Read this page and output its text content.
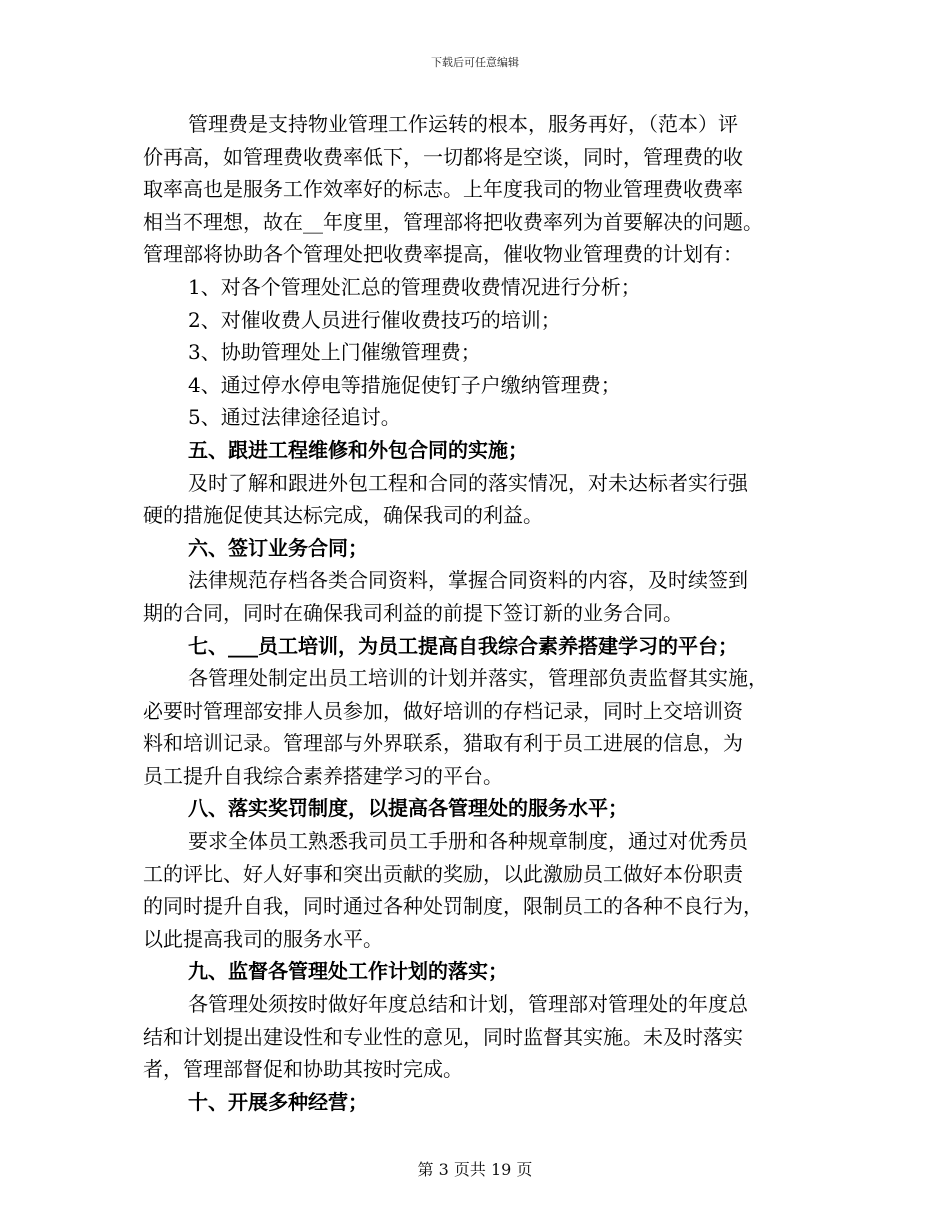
下载后可任意编辑
管理费是支持物业管理工作运转的根本，服务再好，（范本）评
价再高，如管理费收费率低下，一切都将是空谈，同时，管理费的收
取率高也是服务工作效率好的标志。上年度我司的物业管理费收费率
相当不理想，故在__年度里，管理部将把收费率列为首要解决的问题。
管理部将协助各个管理处把收费率提高，催收物业管理费的计划有：
1、对各个管理处汇总的管理费收费情况进行分析；
2、对催收费人员进行催收费技巧的培训；
3、协助管理处上门催缴管理费；
4、通过停水停电等措施促使钉子户缴纳管理费；
5、通过法律途径追讨。
五、跟进工程维修和外包合同的实施；
及时了解和跟进外包工程和合同的落实情况，对未达标者实行强
硬的措施促使其达标完成，确保我司的利益。
六、签订业务合同；
法律规范存档各类合同资料，掌握合同资料的内容，及时续签到
期的合同，同时在确保我司利益的前提下签订新的业务合同。
七、___员工培训，为员工提高自我综合素养搭建学习的平台；
各管理处制定出员工培训的计划并落实，管理部负责监督其实施，
必要时管理部安排人员参加，做好培训的存档记录，同时上交培训资
料和培训记录。管理部与外界联系，猎取有利于员工进展的信息，为
员工提升自我综合素养搭建学习的平台。
八、落实奖罚制度，以提高各管理处的服务水平；
要求全体员工熟悉我司员工手册和各种规章制度，通过对优秀员
工的评比、好人好事和突出贡献的奖励，以此激励员工做好本份职责
的同时提升自我，同时通过各种处罚制度，限制员工的各种不良行为，
以此提高我司的服务水平。
九、监督各管理处工作计划的落实；
各管理处须按时做好年度总结和计划，管理部对管理处的年度总
结和计划提出建设性和专业性的意见，同时监督其实施。未及时落实
者，管理部督促和协助其按时完成。
十、开展多种经营；
第 3 页共 19 页
